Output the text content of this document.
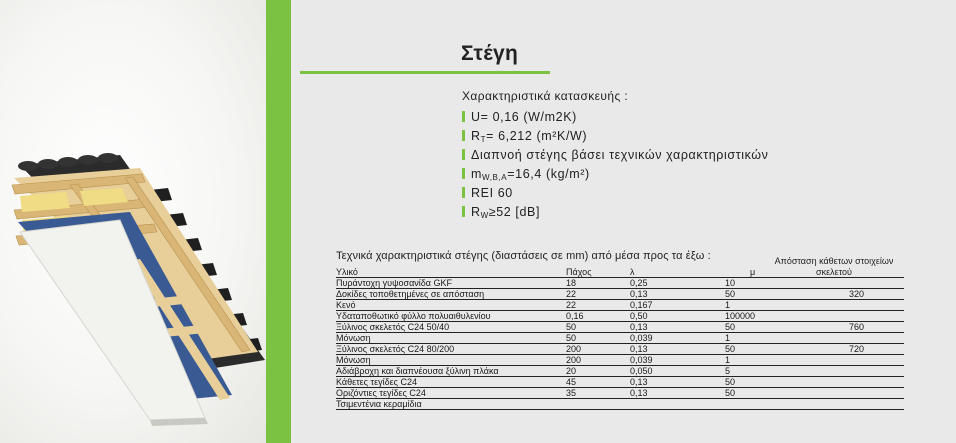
Στέγη
Χαρακτηριστικά κατασκευής :
U= 0,16 (W/m2K)
R T = 6,212 (m²K/W)
Διαπνοή στέγης βάσει τεχνικών χαρακτηριστικών
m W,B,A =16,4 (kg/m²)
REI 60
R W ≥52 [dB]
Τεχνικά χαρακτηριστικά στέγης (διαστάσεις σε mm) από μέσα προς τα έξω :	Απόσταση κάθετων στοιχείων σκελετού
Υλικό	Πάχος	λ	μ	
Πυράντοχη γυψοσανίδα GKF	18	0,25	10	
Δοκίδες τοποθετημένες σε απόσταση	22	0,13	50	320
Κενό	22	0,167	1	
Υδαταποθωτικό φύλλο πολυαιθυλενίου	0,16	0,50	100000	
Ξύλινος σκελετός C24 50/40	50	0,13	50	760
Μόνωση	50	0,039	1	
Ξύλινος σκελετός C24 80/200	200	0,13	50	720
Μόνωση	200	0,039	1	
Αδιάβροχη και διαπνέουσα ξύλινη πλάκα	20	0,050	5	
Κάθετες τεγίδες C24	45	0,13	50	
Οριζόντιες τεγίδες C24	35	0,13	50	
Τσιμεντένια κεραμίδια				
